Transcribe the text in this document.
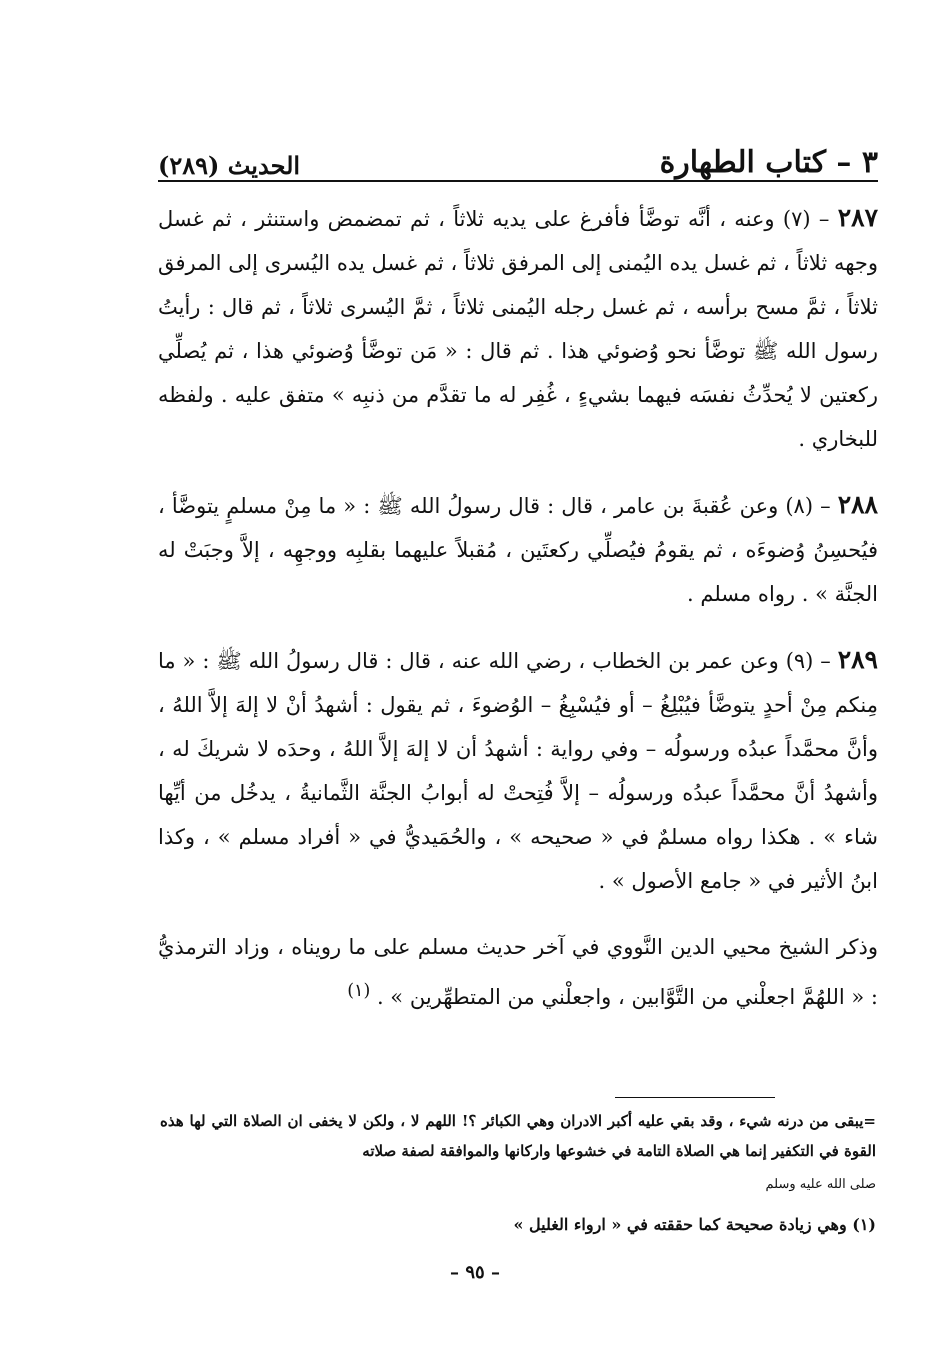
٣ – كتاب الطهارة
الحديث (٢٨٩)

٢٨٧ – (٧) وعنه ، أنَّه توضَّأ فأفرغ على يديه ثلاثاً ، ثم تمضمض واستنثر ، ثم غسل وجهه ثلاثاً ، ثم غسل يده اليُمنى إلى المرفق ثلاثاً ، ثم غسل يده اليُسرى إلى المرفق ثلاثاً ، ثمَّ مسح برأسه ، ثم غسل رجله اليُمنى ثلاثاً ، ثمَّ اليُسرى ثلاثاً ، ثم قال : رأيتُ رسول الله ﷺ توضَّأ نحو وُضوئي هذا . ثم قال : « مَن توضَّأ وُضوئي هذا ، ثم يُصلِّي ركعتين لا يُحدِّثُ نفسَه فيهما بشيءٍ ، غُفِر له ما تقدَّم من ذنبِه » متفق عليه . ولفظه للبخاري .

٢٨٨ – (٨) وعن عُقبةَ بن عامر ، قال : قال رسولُ الله ﷺ : « ما مِنْ مسلمٍ يتوضَّأ ، فيُحسِنُ وُضوءَه ، ثم يقومُ فيُصلِّي ركعتَين ، مُقبلاً عليهما بقلبِه ووجهِه ، إلاَّ وجبَتْ له الجنَّة » . رواه مسلم .

٢٨٩ – (٩) وعن عمر بن الخطاب ، رضي الله عنه ، قال : قال رسولُ الله ﷺ : « ما مِنكم مِنْ أحدٍ يتوضَّأ فيُبْلِغُ – أو فيُسْبِغُ – الوُضوءَ ، ثم يقول : أشهدُ أنْ لا إلهَ إلاَّ اللهُ ، وأنَّ محمَّداً عبدُه ورسولُه – وفي رواية : أشهدُ أن لا إلهَ إلاَّ اللهُ ، وحدَه لا شريكَ له ، وأشهدُ أنَّ محمَّداً عبدُه ورسولُه – إلاَّ فُتِحتْ له أبوابُ الجنَّة الثَّمانيةُ ، يدخُل من أيِّها شاء » . هكذا رواه مسلمٌ في « صحيحه » ، والحُمَيديُّ في « أفراد مسلم » ، وكذا ابنُ الأثير في « جامع الأصول » .

وذكر الشيخ محيي الدين النَّووي في آخر حديث مسلم على ما رويناه ، وزاد الترمذيُّ : « اللهُمَّ اجعلْني من التَّوَّابين ، واجعلْني من المتطهِّرين » . $^{(١)}$

=يبقى من درنه شيء ، وقد بقي عليه أكبر الادران وهي الكبائر ؟! اللهم لا ، ولكن لا يخفى ان الصلاة التي لها هذه القوة في التكفير إنما هي الصلاة التامة في خشوعها واركانها والموافقة لصفة صلاته

صلى الله عليه وسلم

(١) وهي زيادة صحيحة كما حققته في « ارواء الغليل »

– ٩٥ –
